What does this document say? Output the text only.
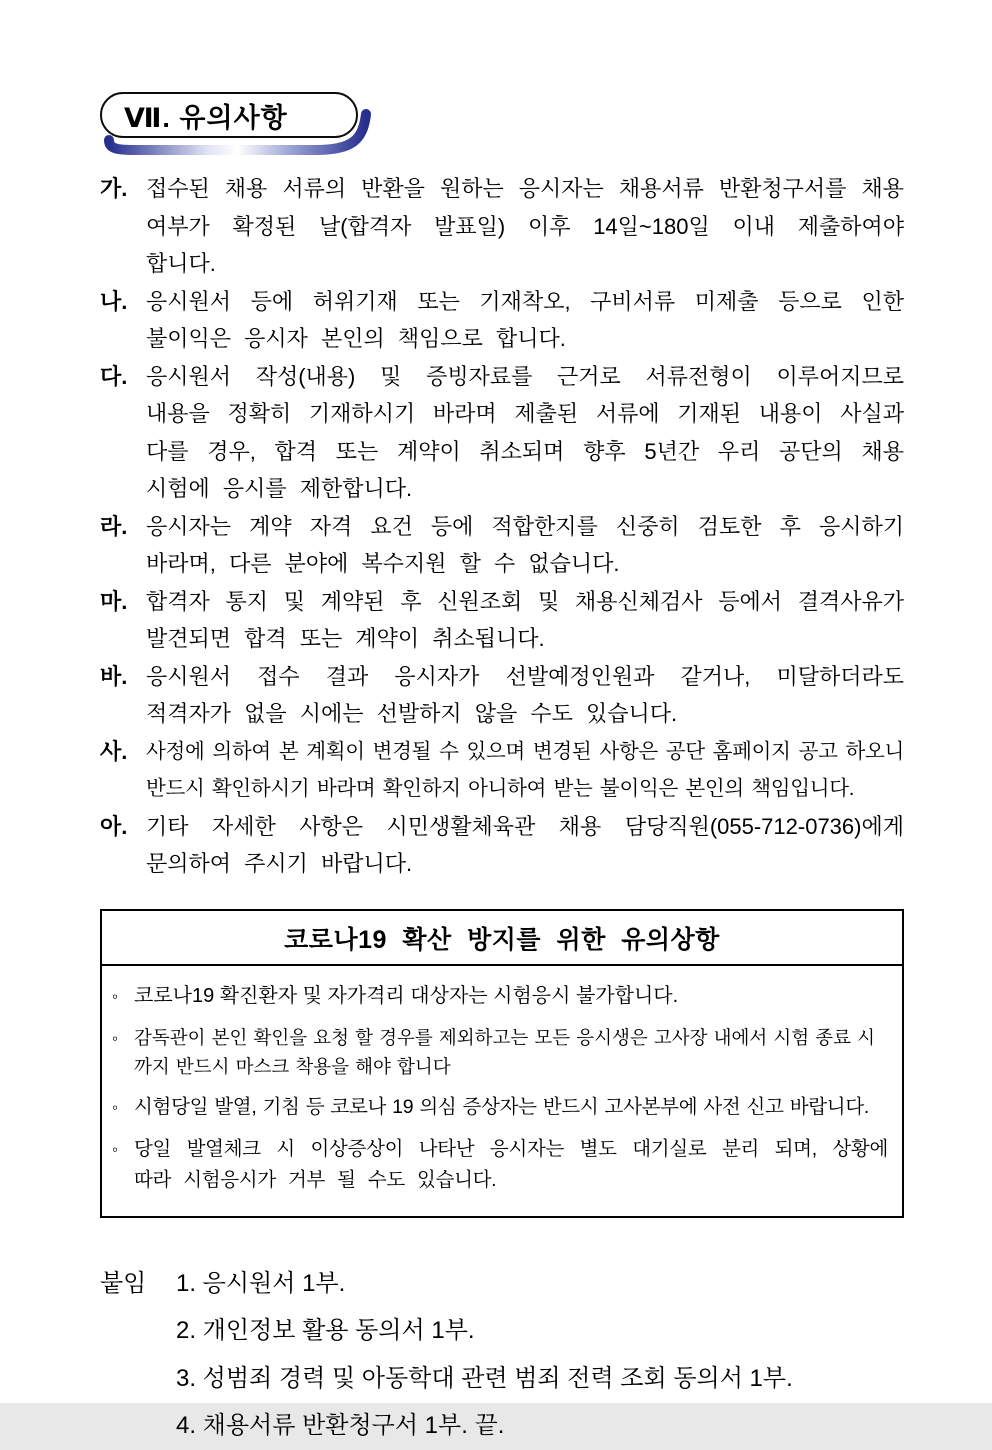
Ⅶ. 유의사항
가. 접수된 채용 서류의 반환을 원하는 응시자는 채용서류 반환청구서를 채용 여부가 확정된 날(합격자 발표일) 이후 14일~180일 이내 제출하여야 합니다.
나. 응시원서 등에 허위기재 또는 기재착오, 구비서류 미제출 등으로 인한 불이익은 응시자 본인의 책임으로 합니다.
다. 응시원서 작성(내용) 및 증빙자료를 근거로 서류전형이 이루어지므로 내용을 정확히 기재하시기 바라며 제출된 서류에 기재된 내용이 사실과 다를 경우, 합격 또는 계약이 취소되며 향후 5년간 우리 공단의 채용 시험에 응시를 제한합니다.
라. 응시자는 계약 자격 요건 등에 적합한지를 신중히 검토한 후 응시하기 바라며, 다른 분야에 복수지원 할 수 없습니다.
마. 합격자 통지 및 계약된 후 신원조회 및 채용신체검사 등에서 결격사유가 발견되면 합격 또는 계약이 취소됩니다.
바. 응시원서 접수 결과 응시자가 선발예정인원과 같거나, 미달하더라도 적격자가 없을 시에는 선발하지 않을 수도 있습니다.
사. 사정에 의하여 본 계획이 변경될 수 있으며 변경된 사항은 공단 홈페이지 공고 하오니 반드시 확인하시기 바라며 확인하지 아니하여 받는 불이익은 본인의 책임입니다.
아. 기타 자세한 사항은 시민생활체육관 채용 담당직원(055-712-0736)에게 문의하여 주시기 바랍니다.
코로나19 확산 방지를 위한 유의상항
◦ 코로나19 확진환자 및 자가격리 대상자는 시험응시 불가합니다.
◦ 감독관이 본인 확인을 요청 할 경우를 제외하고는 모든 응시생은 고사장 내에서 시험 종료 시 까지 반드시 마스크 착용을 해야 합니다
◦ 시험당일 발열, 기침 등 코로나 19 의심 증상자는 반드시 고사본부에 사전 신고 바랍니다.
◦ 당일 발열체크 시 이상증상이 나타난 응시자는 별도 대기실로 분리 되며, 상황에 따라 시험응시가 거부 될 수도 있습니다.
붙임	1. 응시원서 1부.
2. 개인정보 활용 동의서 1부.
3. 성범죄 경력 및 아동학대 관련 범죄 전력 조회 동의서 1부.
4. 채용서류 반환청구서 1부. 끝.
